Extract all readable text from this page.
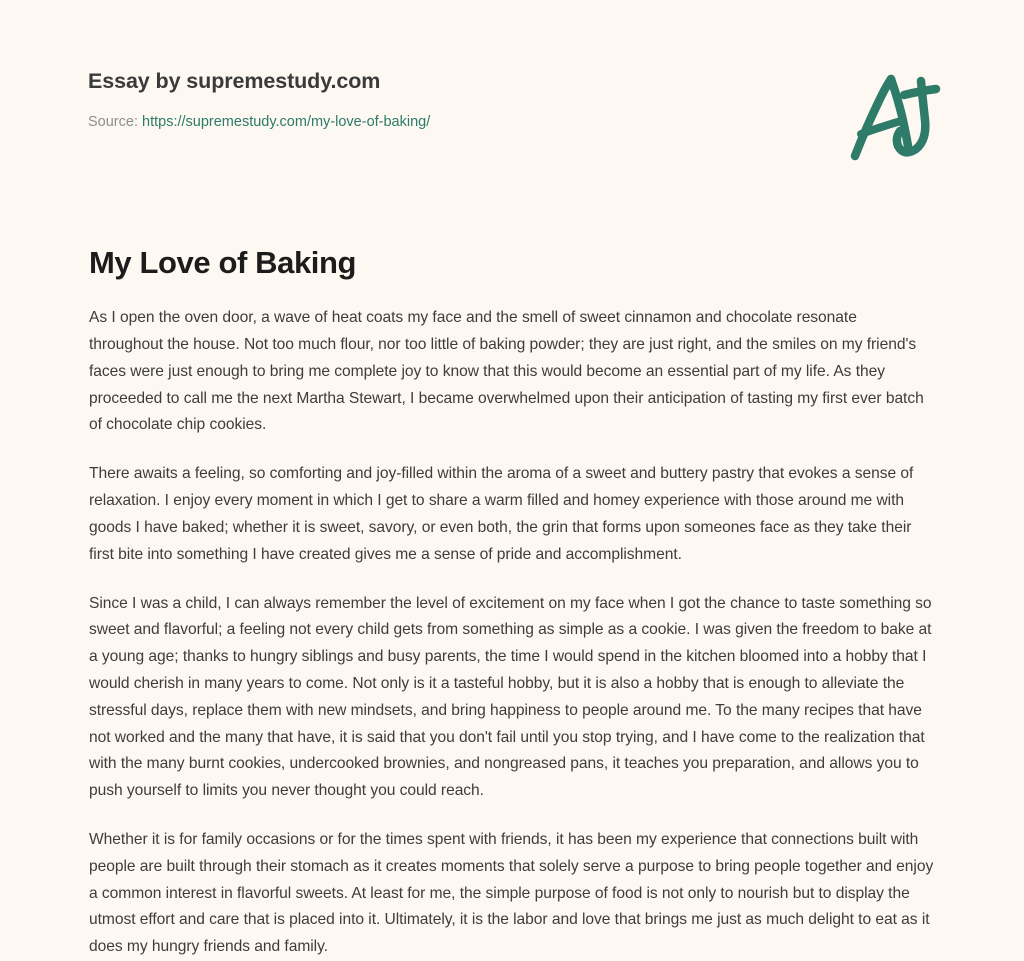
Essay by supremestudy.com
Source: https://supremestudy.com/my-love-of-baking/
My Love of Baking

As I open the oven door, a wave of heat coats my face and the smell of sweet cinnamon and chocolate resonate throughout the house. Not too much flour, nor too little of baking powder; they are just right, and the smiles on my friend's faces were just enough to bring me complete joy to know that this would become an essential part of my life. As they proceeded to call me the next Martha Stewart, I became overwhelmed upon their anticipation of tasting my first ever batch of chocolate chip cookies.

There awaits a feeling, so comforting and joy-filled within the aroma of a sweet and buttery pastry that evokes a sense of relaxation. I enjoy every moment in which I get to share a warm filled and homey experience with those around me with goods I have baked; whether it is sweet, savory, or even both, the grin that forms upon someones face as they take their first bite into something I have created gives me a sense of pride and accomplishment.

Since I was a child, I can always remember the level of excitement on my face when I got the chance to taste something so sweet and flavorful; a feeling not every child gets from something as simple as a cookie. I was given the freedom to bake at a young age; thanks to hungry siblings and busy parents, the time I would spend in the kitchen bloomed into a hobby that I would cherish in many years to come. Not only is it a tasteful hobby, but it is also a hobby that is enough to alleviate the stressful days, replace them with new mindsets, and bring happiness to people around me. To the many recipes that have not worked and the many that have, it is said that you don't fail until you stop trying, and I have come to the realization that with the many burnt cookies, undercooked brownies, and nongreased pans, it teaches you preparation, and allows you to push yourself to limits you never thought you could reach.

Whether it is for family occasions or for the times spent with friends, it has been my experience that connections built with people are built through their stomach as it creates moments that solely serve a purpose to bring people together and enjoy a common interest in flavorful sweets. At least for me, the simple purpose of food is not only to nourish but to display the utmost effort and care that is placed into it. Ultimately, it is the labor and love that brings me just as much delight to eat as it does my hungry friends and family.
